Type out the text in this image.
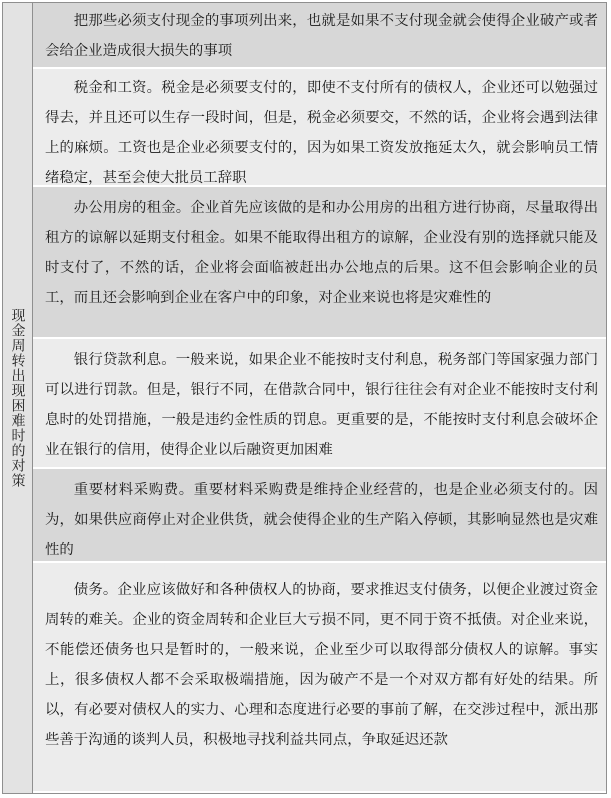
现金周转出现困难时的对策
把那些必须支付现金的事项列出来，也就是如果不支付现金就会使得企业破产或者会给企业造成很大损失的事项
税金和工资。税金是必须要支付的，即使不支付所有的债权人，企业还可以勉强过得去，并且还可以生存一段时间，但是，税金必须要交，不然的话，企业将会遇到法律上的麻烦。工资也是企业必须要支付的，因为如果工资发放拖延太久，就会影响员工情绪稳定，甚至会使大批员工辞职
办公用房的租金。企业首先应该做的是和办公用房的出租方进行协商，尽量取得出租方的谅解以延期支付租金。如果不能取得出租方的谅解，企业没有别的选择就只能及时支付了，不然的话，企业将会面临被赶出办公地点的后果。这不但会影响企业的员工，而且还会影响到企业在客户中的印象，对企业来说也将是灾难性的
银行贷款利息。一般来说，如果企业不能按时支付利息，税务部门等国家强力部门可以进行罚款。但是，银行不同，在借款合同中，银行往往会有对企业不能按时支付利息时的处罚措施，一般是违约金性质的罚息。更重要的是，不能按时支付利息会破坏企业在银行的信用，使得企业以后融资更加困难
重要材料采购费。重要材料采购费是维持企业经营的，也是企业必须支付的。因为，如果供应商停止对企业供货，就会使得企业的生产陷入停顿，其影响显然也是灾难性的
债务。企业应该做好和各种债权人的协商，要求推迟支付债务，以便企业渡过资金周转的难关。企业的资金周转和企业巨大亏损不同，更不同于资不抵债。对企业来说，不能偿还债务也只是暂时的，一般来说，企业至少可以取得部分债权人的谅解。事实上，很多债权人都不会采取极端措施，因为破产不是一个对双方都有好处的结果。所以，有必要对债权人的实力、心理和态度进行必要的事前了解，在交涉过程中，派出那些善于沟通的谈判人员，积极地寻找利益共同点，争取延迟还款
